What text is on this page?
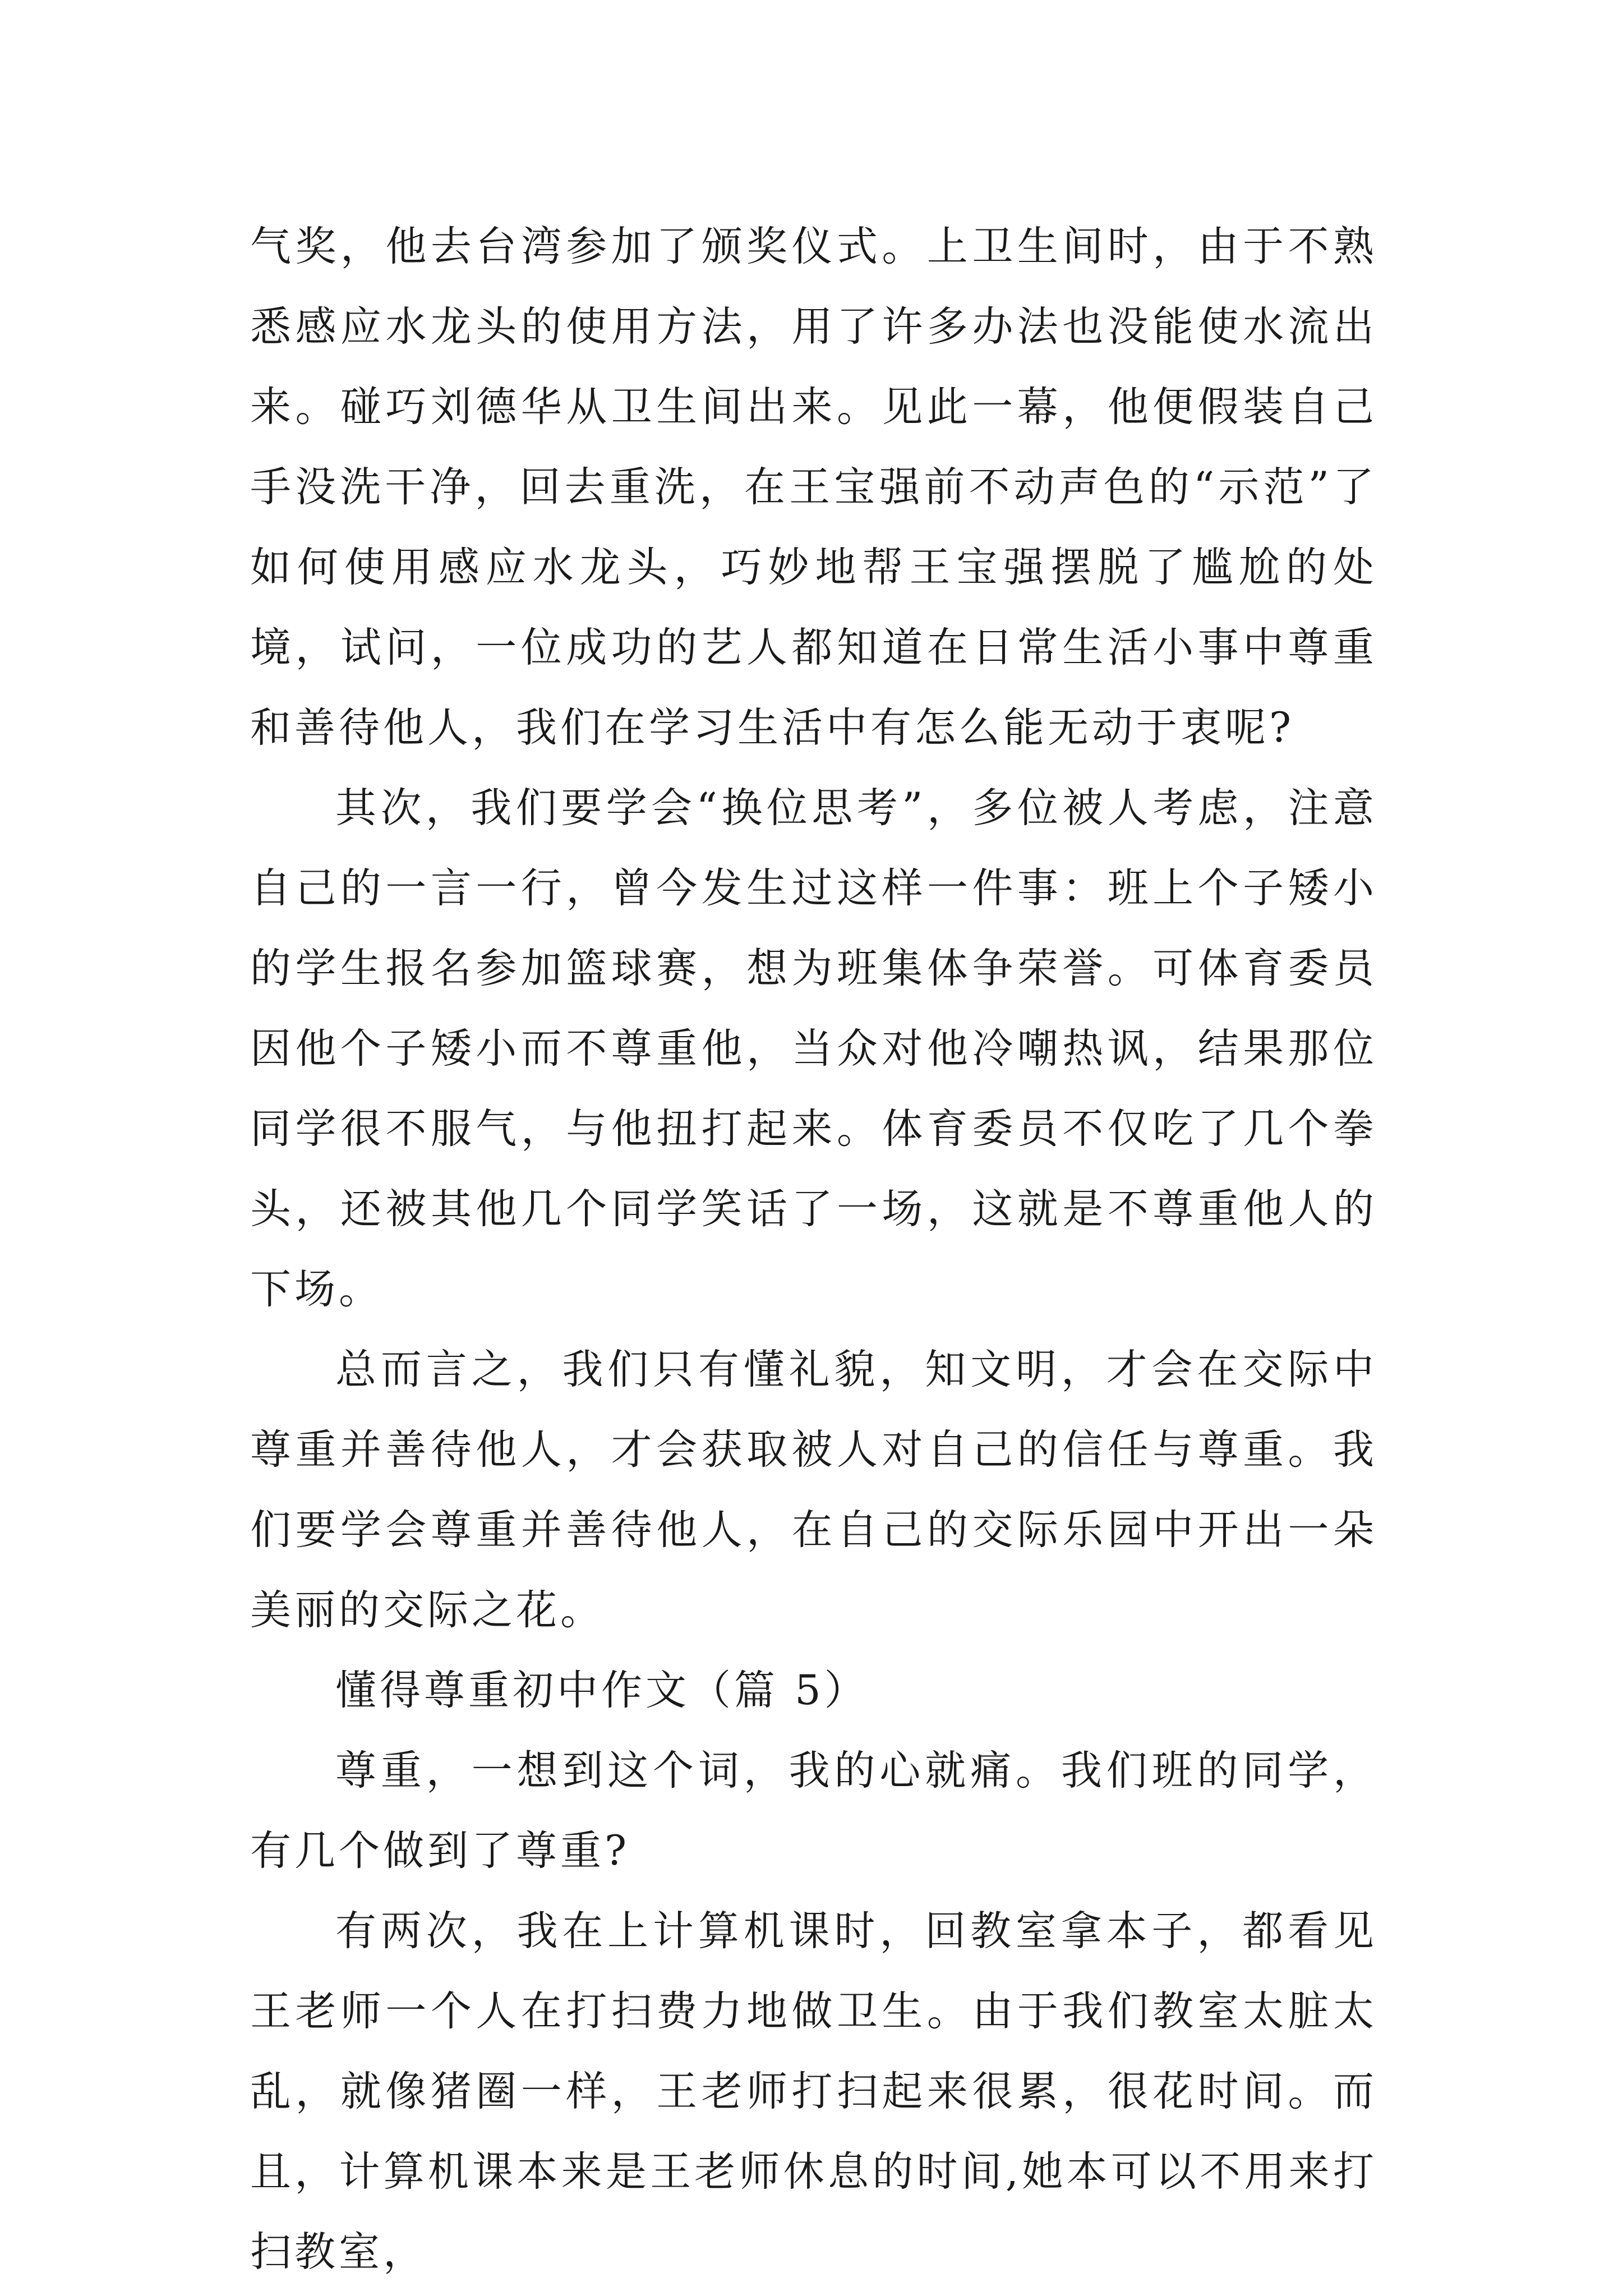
气奖，他去台湾参加了颁奖仪式。上卫生间时，由于不熟悉感应水龙头的使用方法，用了许多办法也没能使水流出来。碰巧刘德华从卫生间出来。见此一幕，他便假装自己手没洗干净，回去重洗，在王宝强前不动声色的“示范”了如何使用感应水龙头，巧妙地帮王宝强摆脱了尴尬的处境，试问，一位成功的艺人都知道在日常生活小事中尊重和善待他人，我们在学习生活中有怎么能无动于衷呢?

其次，我们要学会“换位思考”，多位被人考虑，注意自己的一言一行，曾今发生过这样一件事：班上个子矮小的学生报名参加篮球赛，想为班集体争荣誉。可体育委员因他个子矮小而不尊重他，当众对他冷嘲热讽，结果那位同学很不服气，与他扭打起来。体育委员不仅吃了几个拳头，还被其他几个同学笑话了一场，这就是不尊重他人的下场。

总而言之，我们只有懂礼貌，知文明，才会在交际中尊重并善待他人，才会获取被人对自己的信任与尊重。我们要学会尊重并善待他人，在自己的交际乐园中开出一朵美丽的交际之花。

懂得尊重初中作文（篇 5）

尊重，一想到这个词，我的心就痛。我们班的同学，有几个做到了尊重?

有两次，我在上计算机课时，回教室拿本子，都看见王老师一个人在打扫费力地做卫生。由于我们教室太脏太乱，就像猪圈一样，王老师打扫起来很累，很花时间。而且，计算机课本来是王老师休息的时间,她本可以不用来打扫教室，
